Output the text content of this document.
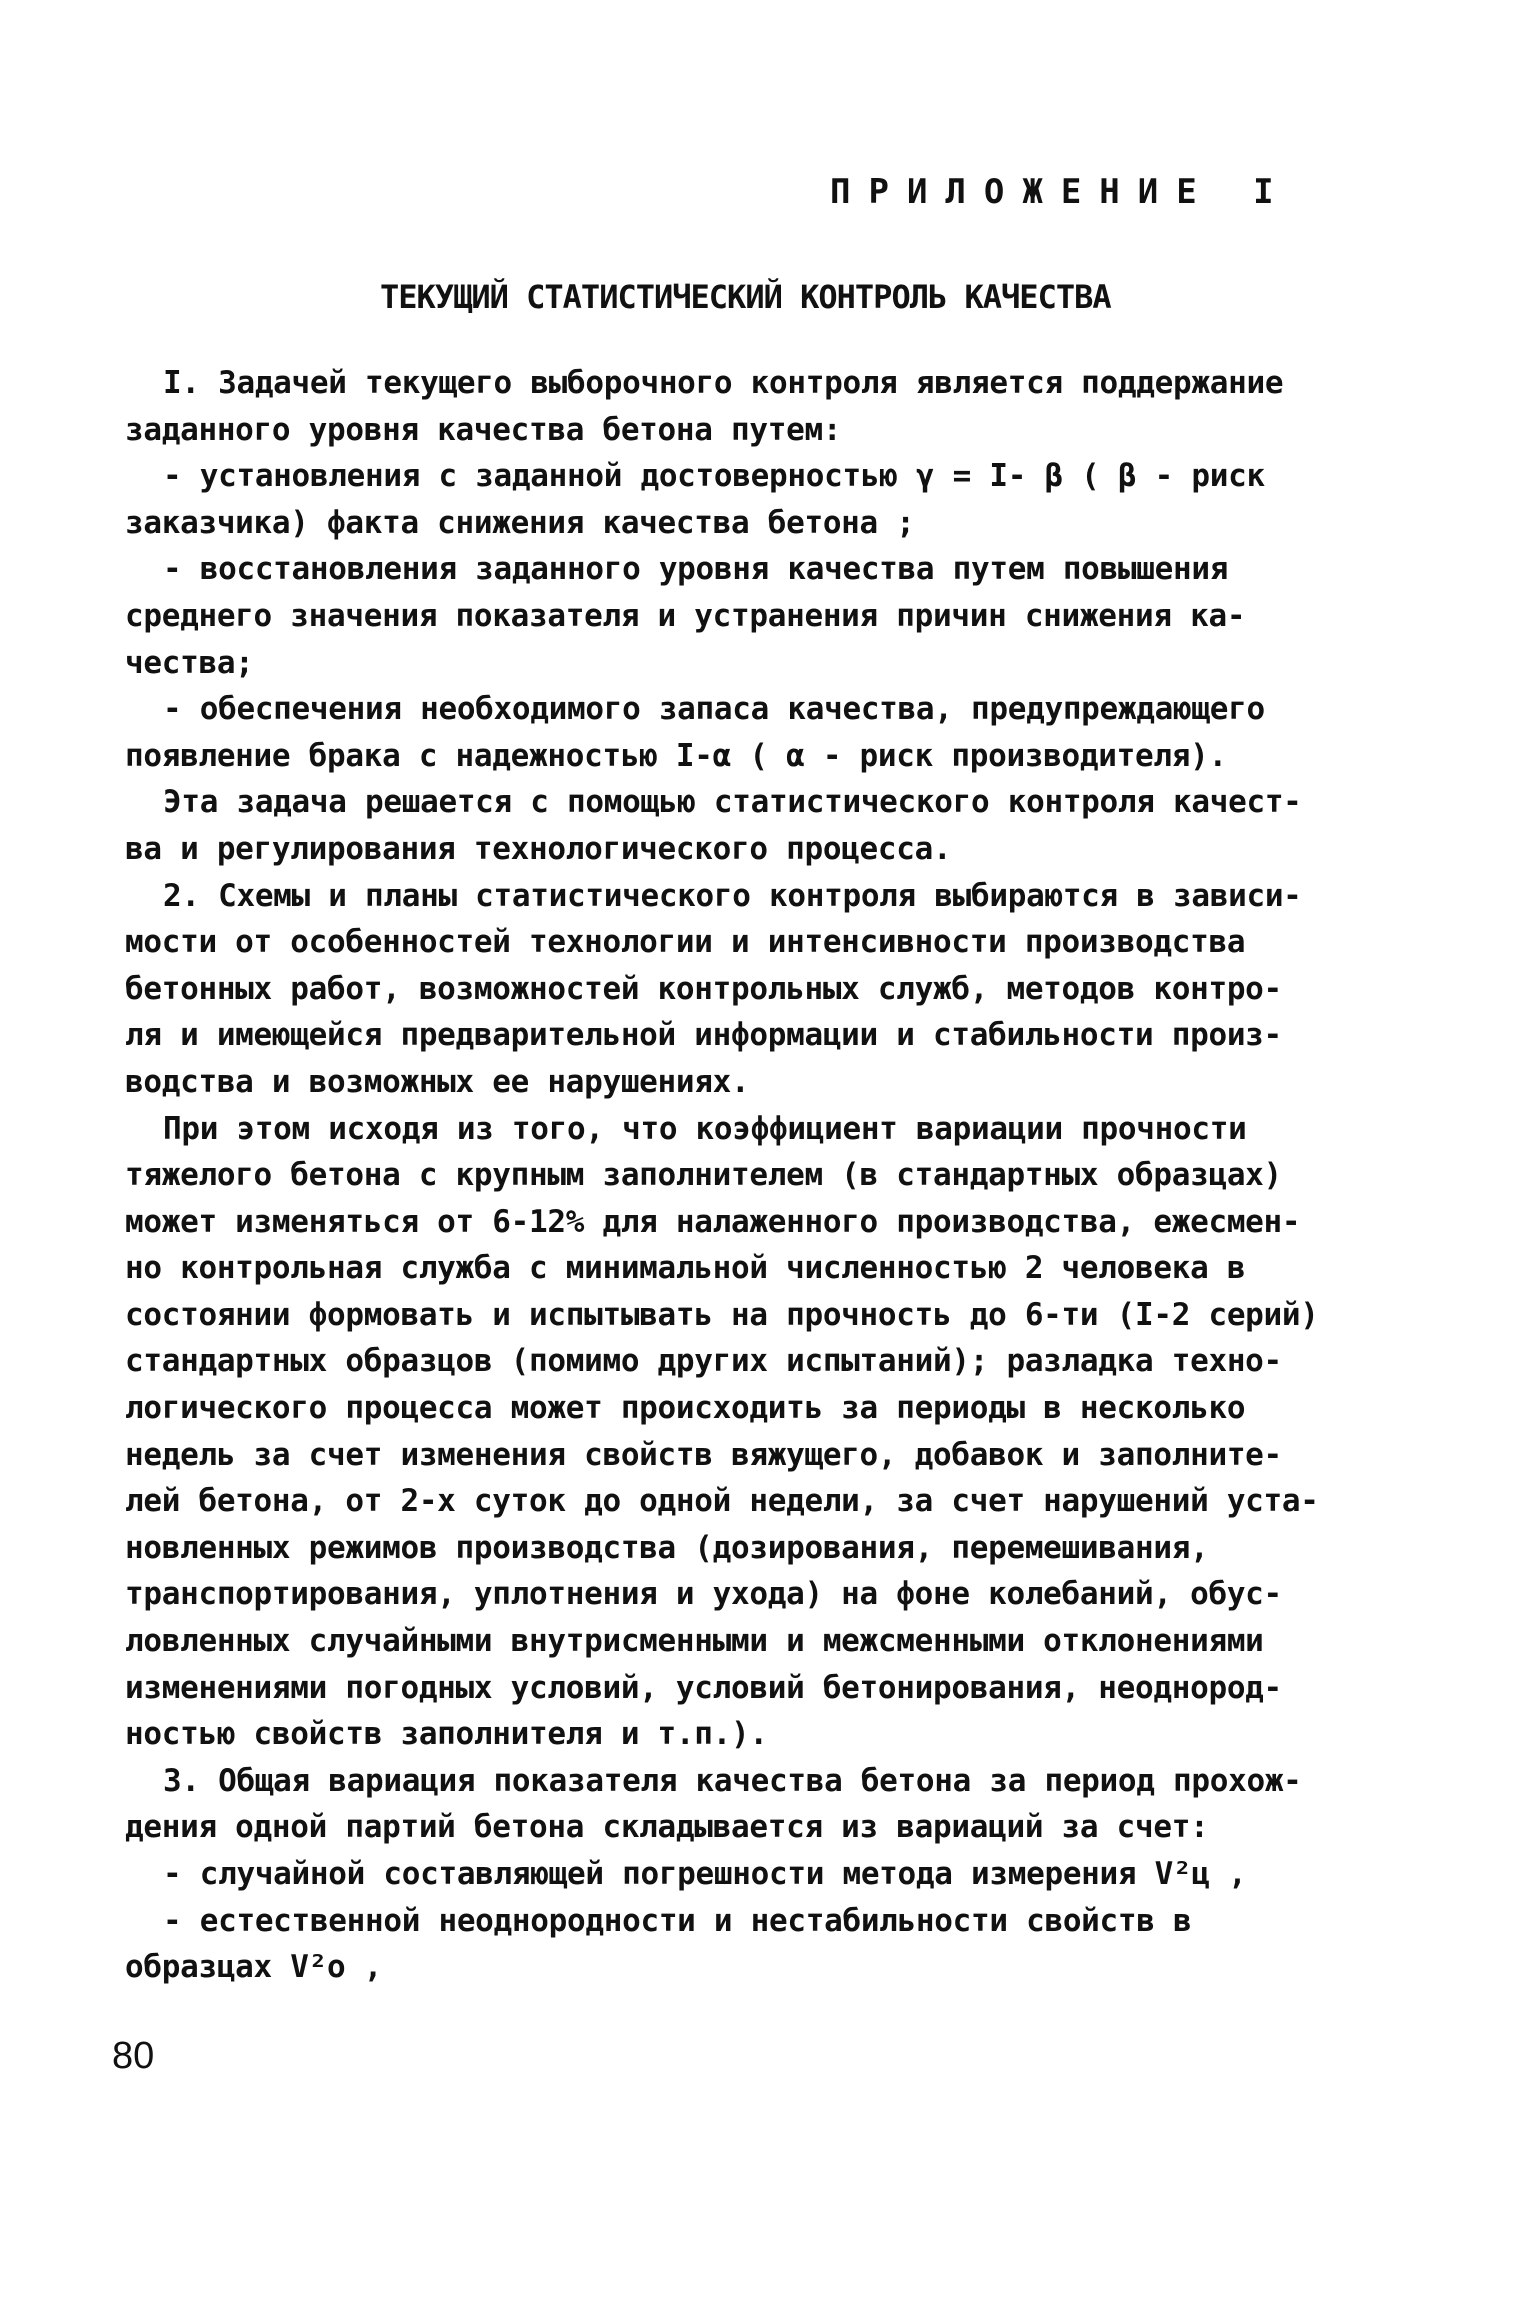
ПРИЛОЖЕНИЕ I
ТЕКУЩИЙ СТАТИСТИЧЕСКИЙ КОНТРОЛЬ КАЧЕСТВА

I. Задачей текущего выборочного контроля является поддержание

заданного уровня качества бетона путем:

- установления с заданной достоверностью γ = I- β ( β - риск

заказчика) факта снижения качества бетона ;

- восстановления заданного уровня качества путем повышения

среднего значения показателя и устранения причин снижения ка-

чества;

- обеспечения необходимого запаса качества, предупреждающего

появление брака с надежностью I-α ( α - риск производителя).

Эта задача решается с помощью статистического контроля качест-

ва и регулирования технологического процесса.

2. Схемы и планы статистического контроля выбираются в зависи-

мости от особенностей технологии и интенсивности производства

бетонных работ, возможностей контрольных служб, методов контро-

ля и имеющейся предварительной информации и стабильности произ-

водства и возможных ее нарушениях.

При этом исходя из того, что коэффициент вариации прочности

тяжелого бетона с крупным заполнителем (в стандартных образцах)

может изменяться от 6-12% для налаженного производства, ежесмен-

но контрольная служба с минимальной численностью 2 человека в

состоянии формовать и испытывать на прочность до 6-ти (I-2 серий)

стандартных образцов (помимо других испытаний); разладка техно-

логического процесса может происходить за периоды в несколько

недель за счет изменения свойств вяжущего, добавок и заполните-

лей бетона, от 2-х суток до одной недели, за счет нарушений уста-

новленных режимов производства (дозирования, перемешивания,

транспортирования, уплотнения и ухода) на фоне колебаний, обус-

ловленных случайными внутрисменными и межсменными отклонениями

изменениями погодных условий, условий бетонирования, неоднород-

ностью свойств заполнителя и т.п.).

3. Общая вариация показателя качества бетона за период прохож-

дения одной партий бетона складывается из вариаций за счет:

- случайной составляющей погрешности метода измерения V²ц ,

- естественной неоднородности и нестабильности свойств в

образцах V²о ,

80
